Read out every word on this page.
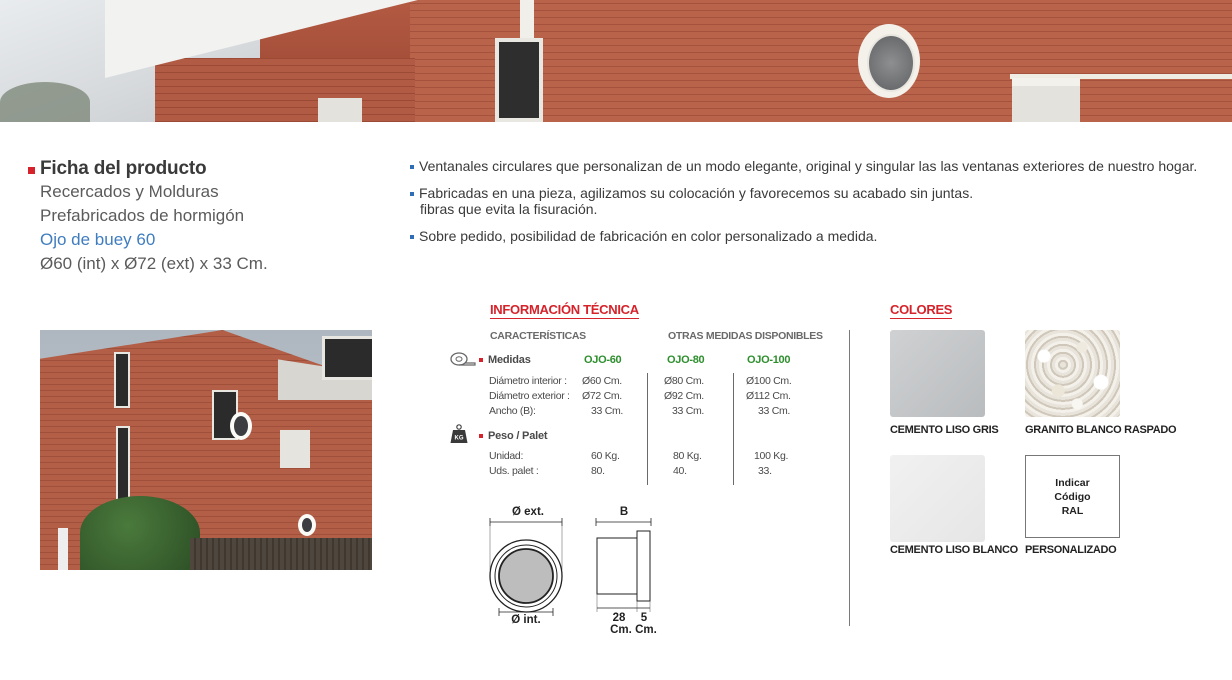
Ficha del producto
Recercados y Molduras
Prefabricados de hormigón
Ojo de buey 60
Ø60 (int) x Ø72 (ext) x 33 Cm.
Ventanales circulares que personalizan de un modo elegante, original y singular las las ventanas exteriores de nuestro hogar.
Fabricadas en una pieza, agilizamos su colocación y favorecemos su acabado sin juntas.
fibras que evita la fisuración.
Sobre pedido, posibilidad de fabricación en color personalizado a medida.
INFORMACIÓN TÉCNICA
CARACTERÍSTICAS	OTRAS MEDIDAS DISPONIBLES
Medidas	OJO-60	OJO-80	OJO-100
Diámetro interior : Ø60 Cm.	Ø80 Cm.	Ø100 Cm.
Diámetro exterior : Ø72 Cm.	Ø92 Cm.	Ø112 Cm.
Ancho (B):	33 Cm.	33 Cm.	33 Cm.
KG Peso / Palet
Unidad:	60 Kg.	80 Kg.	100 Kg.
Uds. palet :	80.	40.	33.
Ø ext.
Ø int.
B
28 5
Cm. Cm.
COLORES
CEMENTO LISO GRIS GRANITO BLANCO RASPADO
CEMENTO LISO BLANCO
Indicar
Código
RAL
PERSONALIZADO
